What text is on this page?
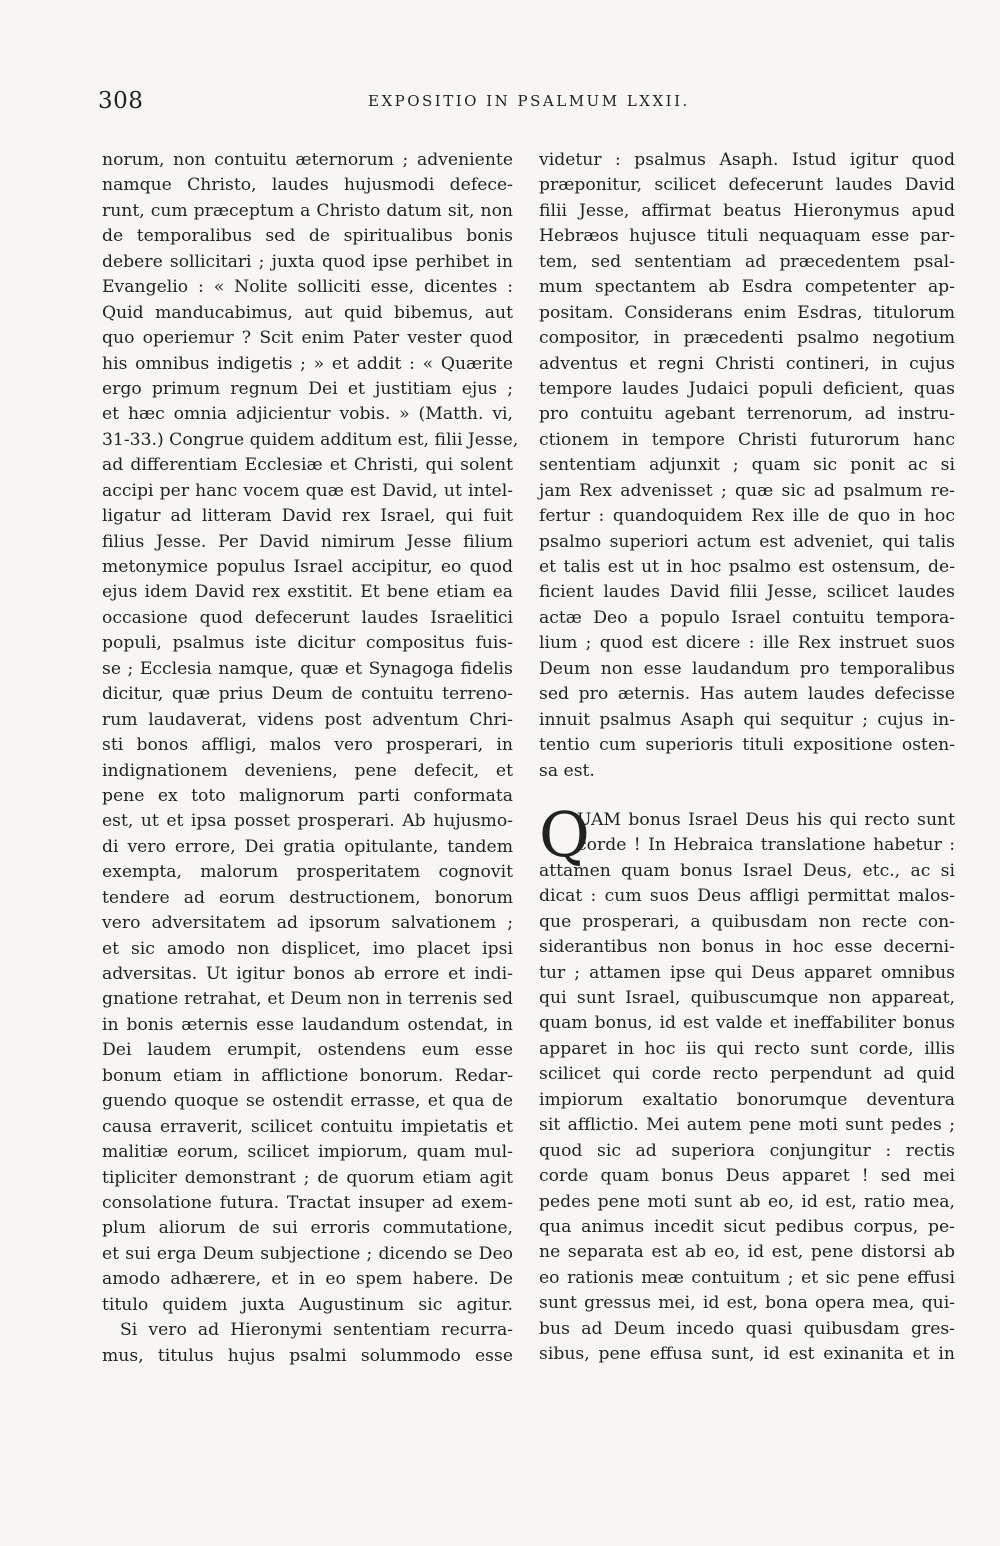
308	EXPOSITIO IN PSALMUM LXXII.
norum, non contuitu æternorum ; adveniente
namque Christo, laudes hujusmodi defece-
runt, cum præceptum a Christo datum sit, non
de temporalibus sed de spiritualibus bonis
debere sollicitari ; juxta quod ipse perhibet in
Evangelio : « Nolite solliciti esse, dicentes :
Quid manducabimus, aut quid bibemus, aut
quo operiemur ? Scit enim Pater vester quod
his omnibus indigetis ; » et addit : « Quærite
ergo primum regnum Dei et justitiam ejus ;
et hæc omnia adjicientur vobis. » (Matth. vi,
31-33.) Congrue quidem additum est, filii Jesse,
ad differentiam Ecclesiæ et Christi, qui solent
accipi per hanc vocem quæ est David, ut intel-
ligatur ad litteram David rex Israel, qui fuit
filius Jesse. Per David nimirum Jesse filium
metonymice populus Israel accipitur, eo quod
ejus idem David rex exstitit. Et bene etiam ea
occasione quod defecerunt laudes Israelitici
populi, psalmus iste dicitur compositus fuis-
se ; Ecclesia namque, quæ et Synagoga fidelis
dicitur, quæ prius Deum de contuitu terreno-
rum laudaverat, videns post adventum Chri-
sti bonos affligi, malos vero prosperari, in
indignationem deveniens, pene defecit, et
pene ex toto malignorum parti conformata
est, ut et ipsa posset prosperari. Ab hujusmo-
di vero errore, Dei gratia opitulante, tandem
exempta, malorum prosperitatem cognovit
tendere ad eorum destructionem, bonorum
vero adversitatem ad ipsorum salvationem ;
et sic amodo non displicet, imo placet ipsi
adversitas. Ut igitur bonos ab errore et indi-
gnatione retrahat, et Deum non in terrenis sed
in bonis æternis esse laudandum ostendat, in
Dei laudem erumpit, ostendens eum esse
bonum etiam in afflictione bonorum. Redar-
guendo quoque se ostendit errasse, et qua de
causa erraverit, scilicet contuitu impietatis et
malitiæ eorum, scilicet impiorum, quam mul-
tipliciter demonstrant ; de quorum etiam agit
consolatione futura. Tractat insuper ad exem-
plum aliorum de sui erroris commutatione,
et sui erga Deum subjectione ; dicendo se Deo
amodo adhærere, et in eo spem habere. De
titulo quidem juxta Augustinum sic agitur.
Si vero ad Hieronymi sententiam recurra-
mus, titulus hujus psalmi solummodo esse
videtur : psalmus Asaph. Istud igitur quod
præponitur, scilicet defecerunt laudes David
filii Jesse, affirmat beatus Hieronymus apud
Hebræos hujusce tituli nequaquam esse par-
tem, sed sententiam ad præcedentem psal-
mum spectantem ab Esdra competenter ap-
positam. Considerans enim Esdras, titulorum
compositor, in præcedenti psalmo negotium
adventus et regni Christi contineri, in cujus
tempore laudes Judaici populi deficient, quas
pro contuitu agebant terrenorum, ad instru-
ctionem in tempore Christi futurorum hanc
sententiam adjunxit ; quam sic ponit ac si
jam Rex advenisset ; quæ sic ad psalmum re-
fertur : quandoquidem Rex ille de quo in hoc
psalmo superiori actum est adveniet, qui talis
et talis est ut in hoc psalmo est ostensum, de-
ficient laudes David filii Jesse, scilicet laudes
actæ Deo a populo Israel contuitu tempora-
lium ; quod est dicere : ille Rex instruet suos
Deum non esse laudandum pro temporalibus
sed pro æternis. Has autem laudes defecisse
innuit psalmus Asaph qui sequitur ; cujus in-
tentio cum superioris tituli expositione osten-
sa est.
Q
UAM bonus Israel Deus his qui recto sunt
corde ! In Hebraica translatione habetur :
attamen quam bonus Israel Deus, etc., ac si
dicat : cum suos Deus affligi permittat malos-
que prosperari, a quibusdam non recte con-
siderantibus non bonus in hoc esse decerni-
tur ; attamen ipse qui Deus apparet omnibus
qui sunt Israel, quibuscumque non appareat,
quam bonus, id est valde et ineffabiliter bonus
apparet in hoc iis qui recto sunt corde, illis
scilicet qui corde recto perpendunt ad quid
impiorum exaltatio bonorumque deventura
sit afflictio. Mei autem pene moti sunt pedes ;
quod sic ad superiora conjungitur : rectis
corde quam bonus Deus apparet ! sed mei
pedes pene moti sunt ab eo, id est, ratio mea,
qua animus incedit sicut pedibus corpus, pe-
ne separata est ab eo, id est, pene distorsi ab
eo rationis meæ contuitum ; et sic pene effusi
sunt gressus mei, id est, bona opera mea, qui-
bus ad Deum incedo quasi quibusdam gres-
sibus, pene effusa sunt, id est exinanita et in
